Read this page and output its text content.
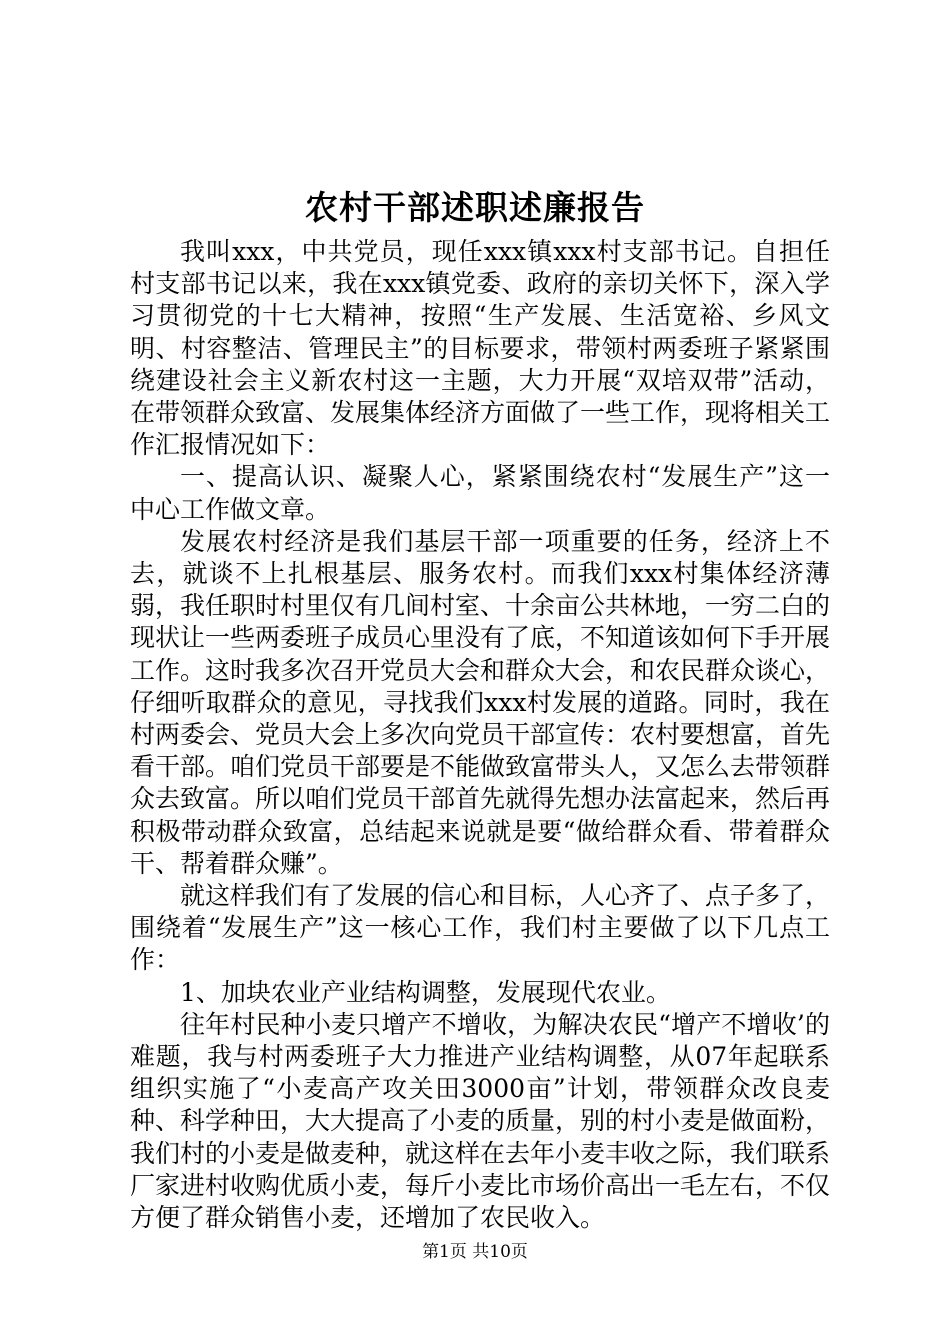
农村干部述职述廉报告

我叫xxx，中共党员，现任xxx镇xxx村支部书记。自担任村支部书记以来，我在xxx镇党委、政府的亲切关怀下，深入学习贯彻党的十七大精神，按照“生产发展、生活宽裕、乡风文明、村容整洁、管理民主”的目标要求，带领村两委班子紧紧围绕建设社会主义新农村这一主题，大力开展“双培双带”活动，在带领群众致富、发展集体经济方面做了一些工作，现将相关工作汇报情况如下：

一、提高认识、凝聚人心，紧紧围绕农村“发展生产”这一中心工作做文章。

发展农村经济是我们基层干部一项重要的任务，经济上不去，就谈不上扎根基层、服务农村。而我们xxx村集体经济薄弱，我任职时村里仅有几间村室、十余亩公共林地，一穷二白的现状让一些两委班子成员心里没有了底，不知道该如何下手开展工作。这时我多次召开党员大会和群众大会，和农民群众谈心，仔细听取群众的意见，寻找我们xxx村发展的道路。同时，我在村两委会、党员大会上多次向党员干部宣传：农村要想富，首先看干部。咱们党员干部要是不能做致富带头人，又怎么去带领群众去致富。所以咱们党员干部首先就得先想办法富起来，然后再积极带动群众致富，总结起来说就是要“做给群众看、带着群众干、帮着群众赚”。

就这样我们有了发展的信心和目标，人心齐了、点子多了，围绕着“发展生产”这一核心工作，我们村主要做了以下几点工作：

1、加块农业产业结构调整，发展现代农业。

往年村民种小麦只增产不增收，为解决农民“增产不增收’的难题，我与村两委班子大力推进产业结构调整，从07年起联系组织实施了“小麦高产攻关田3000亩”计划，带领群众改良麦种、科学种田，大大提高了小麦的质量，别的村小麦是做面粉，我们村的小麦是做麦种，就这样在去年小麦丰收之际，我们联系厂家进村收购优质小麦，每斤小麦比市场价高出一毛左右，不仅方便了群众销售小麦，还增加了农民收入。

第1页 共10页
